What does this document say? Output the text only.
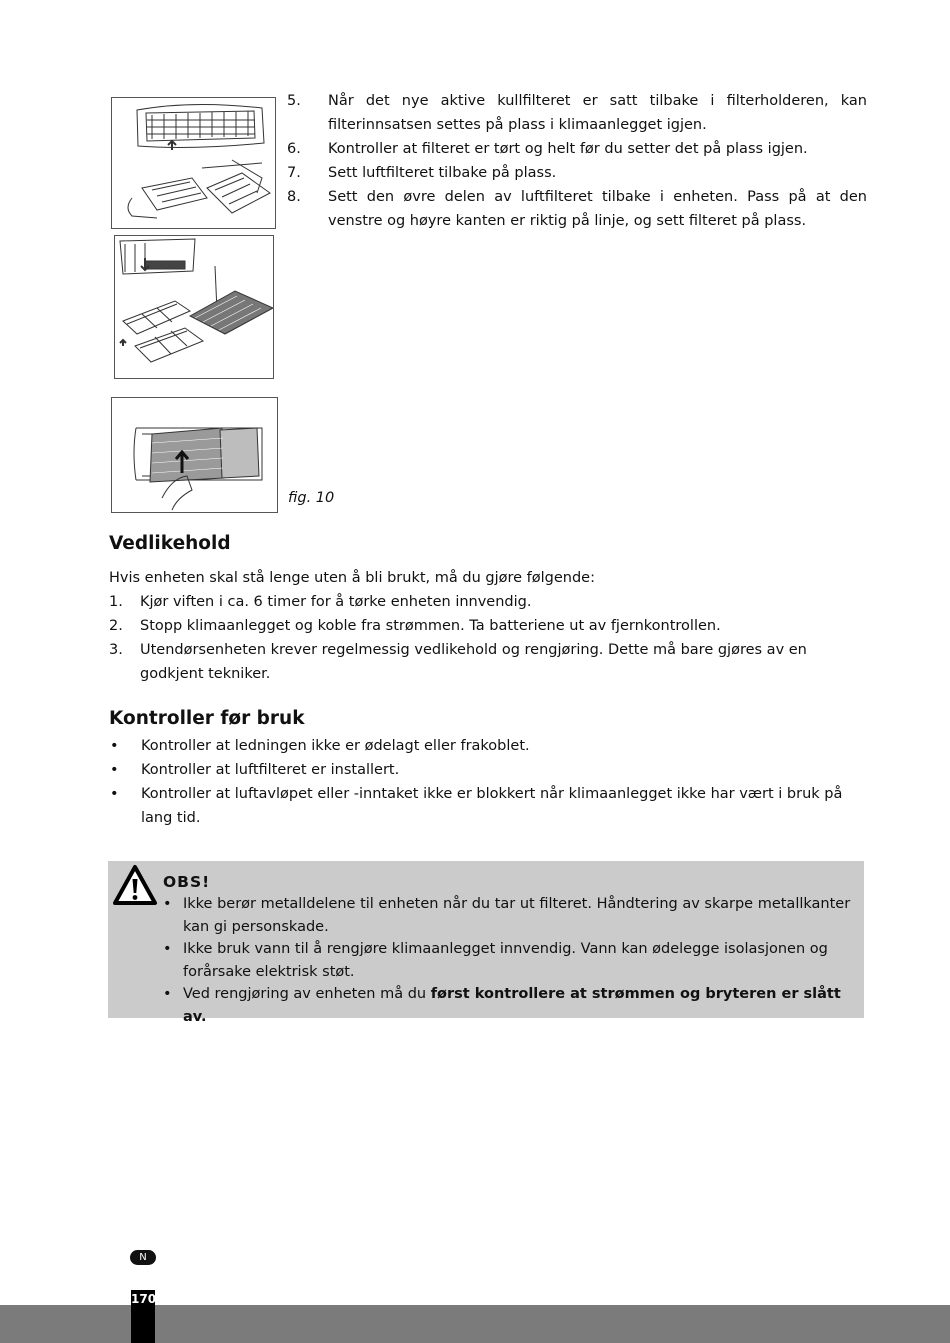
5.	Når det nye aktive kullfilteret er satt tilbake i filterholderen, kan filterinnsatsen settes på plass i klimaanlegget igjen.
6.	Kontroller at filteret er tørt og helt før du setter det på plass igjen.
7.	Sett luftfilteret tilbake på plass.
8.	Sett den øvre delen av luftfilteret tilbake i enheten. Pass på at den venstre og høyre kanten er riktig på linje, og sett filteret på plass.
fig. 10
Vedlikehold
Hvis enheten skal stå lenge uten å bli brukt, må du gjøre følgende:
1.	Kjør viften i ca. 6 timer for å tørke enheten innvendig.
2.	Stopp klimaanlegget og koble fra strømmen. Ta batteriene ut av fjernkontrollen.
3.	Utendørsenheten krever regelmessig vedlikehold og rengjøring. Dette må bare gjøres av en godkjent tekniker.
Kontroller før bruk
•	Kontroller at ledningen ikke er ødelagt eller frakoblet.
•	Kontroller at luftfilteret er installert.
•	Kontroller at luftavløpet eller -inntaket ikke er blokkert når klimaanlegget ikke har vært i bruk på lang tid.
OBS!
• Ikke berør metalldelene til enheten når du tar ut filteret. Håndtering av skarpe metallkanter kan gi personskade.
• Ikke bruk vann til å rengjøre klimaanlegget innvendig. Vann kan ødelegge isolasjonen og forårsake elektrisk støt.
• Ved rengjøring av enheten må du først kontrollere at strømmen og bryteren er slått av.
N
170
